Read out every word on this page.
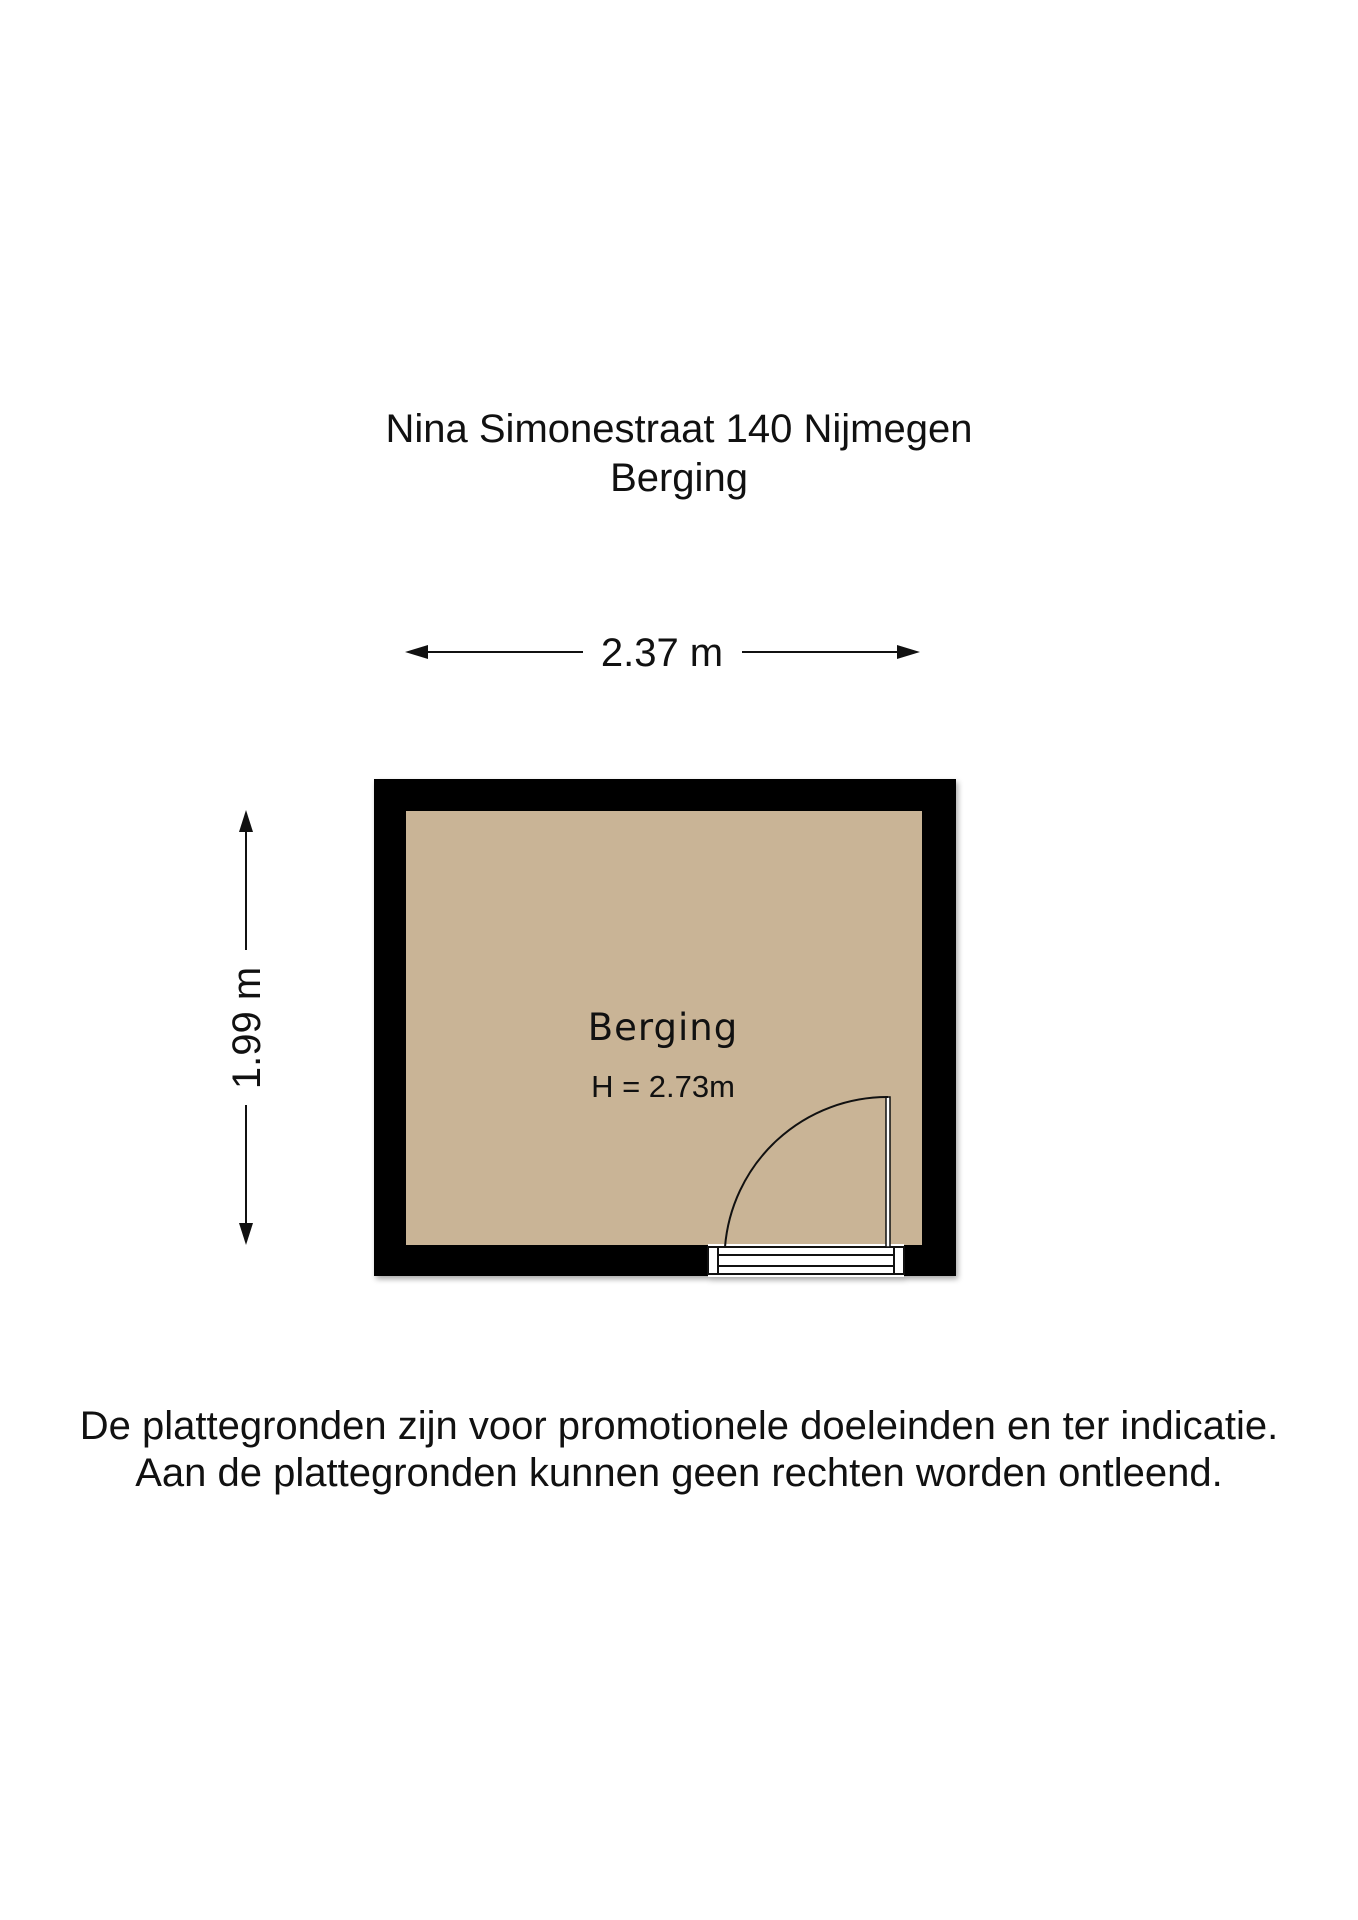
Nina Simonestraat 140 Nijmegen
Berging
2.37 m
1.99 m	Berging
H = 2.73m
De plattegronden zijn voor promotionele doeleinden en ter indicatie.
Aan de plattegronden kunnen geen rechten worden ontleend.
